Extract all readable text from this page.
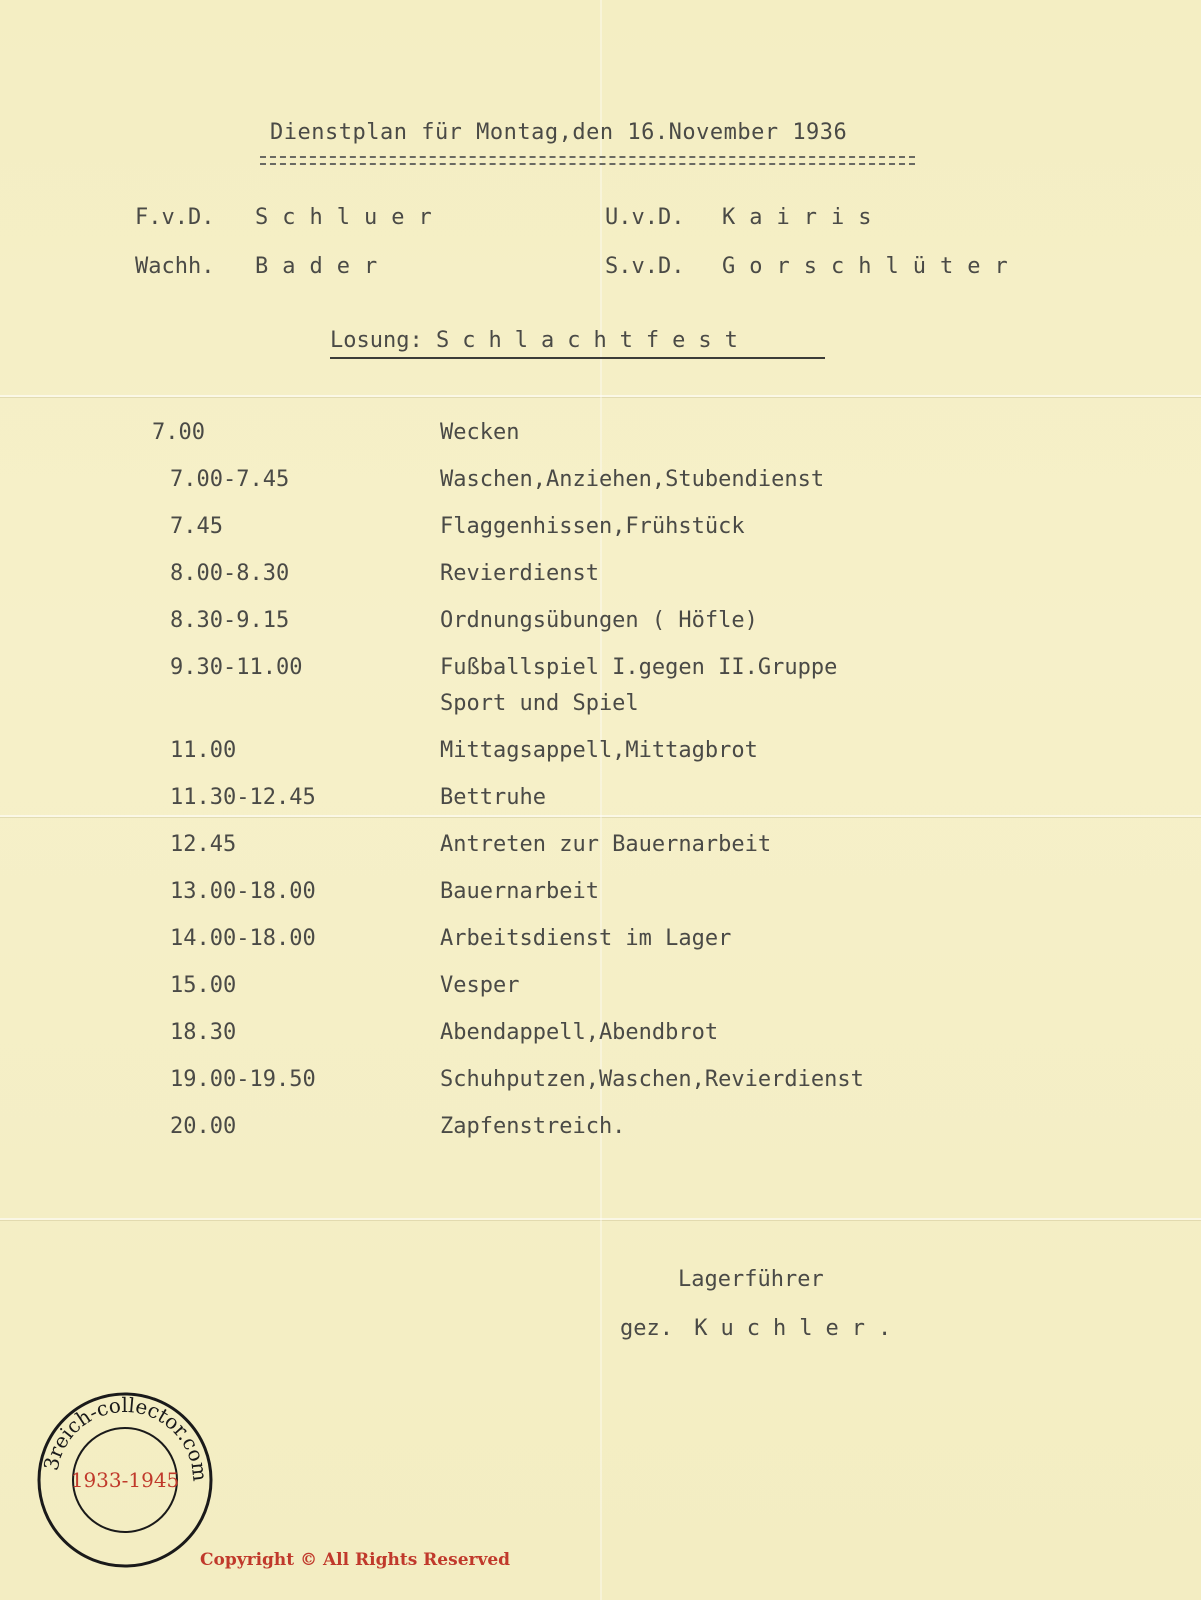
Dienstplan für Montag,den 16.November 1936
F.v.D. Schluer	U.v.D. Kairis
Wachh. Bader	S.v.D. Gorschlüter
Losung: Schlachtfest
7.00	Wecken
7.00-7.45	Waschen,Anziehen,Stubendienst
7.45	Flaggenhissen,Frühstück
8.00-8.30	Revierdienst
8.30-9.15	Ordnungsübungen ( Höfle)
9.30-11.00	Fußballspiel I.gegen II.Gruppe
Sport und Spiel
11.00	Mittagsappell,Mittagbrot
11.30-12.45	Bettruhe
12.45	Antreten zur Bauernarbeit
13.00-18.00	Bauernarbeit
14.00-18.00	Arbeitsdienst im Lager
15.00	Vesper
18.30	Abendappell,Abendbrot
19.00-19.50	Schuhputzen,Waschen,Revierdienst
20.00	Zapfenstreich.
Lagerführer
gez. Kuchler.
3reich-collector.com
1933-1945
Copyright © All Rights Reserved
